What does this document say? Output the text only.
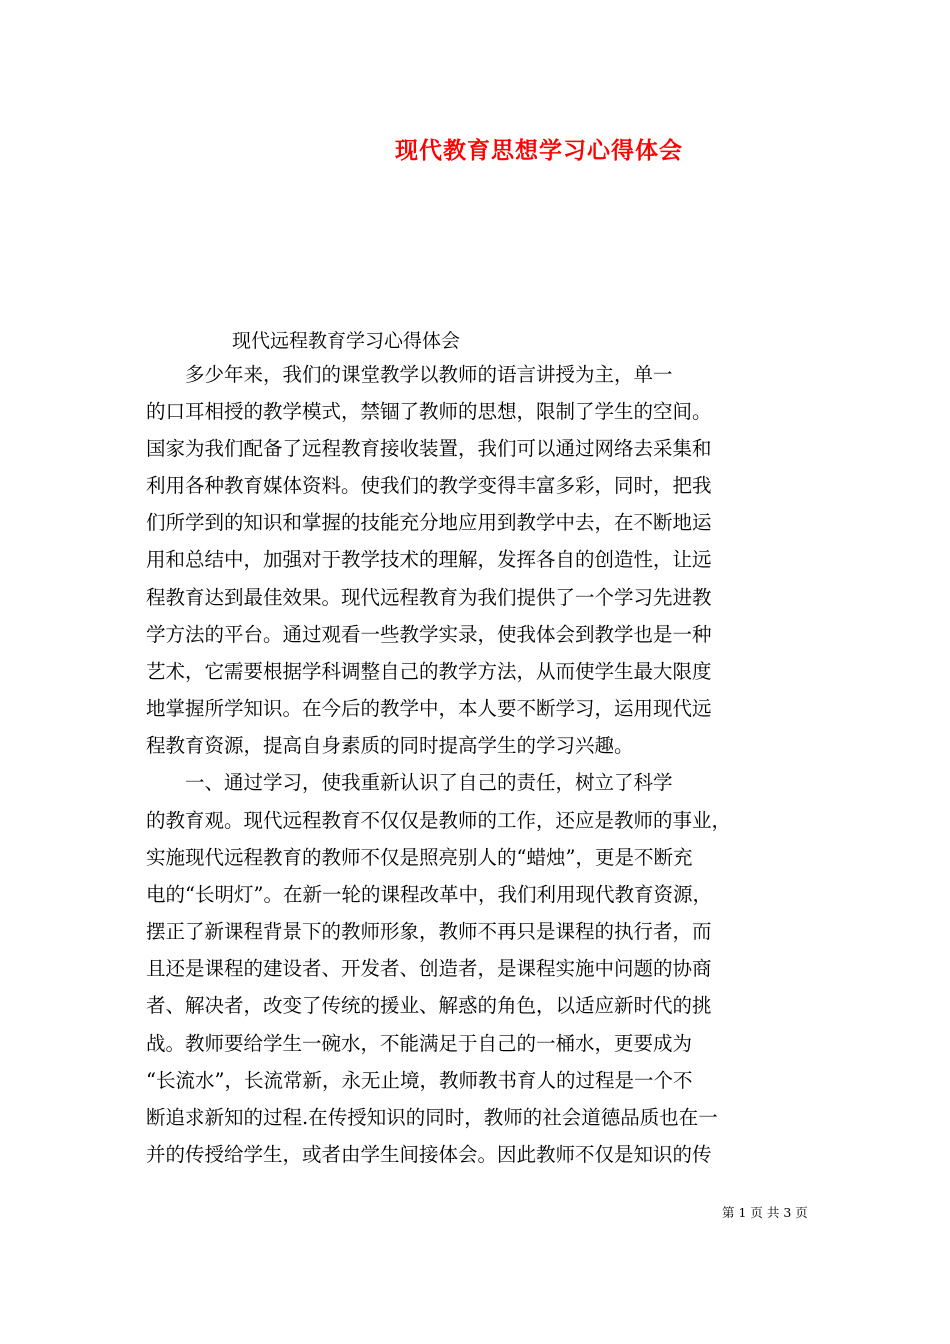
现代教育思想学习心得体会
现代远程教育学习心得体会
　　多少年来，我们的课堂教学以教师的语言讲授为主，单一
的口耳相授的教学模式，禁锢了教师的思想，限制了学生的空间。
国家为我们配备了远程教育接收装置，我们可以通过网络去采集和
利用各种教育媒体资料。使我们的教学变得丰富多彩，同时，把我
们所学到的知识和掌握的技能充分地应用到教学中去，在不断地运
用和总结中，加强对于教学技术的理解，发挥各自的创造性，让远
程教育达到最佳效果。现代远程教育为我们提供了一个学习先进教
学方法的平台。通过观看一些教学实录，使我体会到教学也是一种
艺术，它需要根据学科调整自己的教学方法，从而使学生最大限度
地掌握所学知识。在今后的教学中，本人要不断学习，运用现代远
程教育资源，提高自身素质的同时提高学生的学习兴趣。
　　一、通过学习，使我重新认识了自己的责任，树立了科学
的教育观。现代远程教育不仅仅是教师的工作，还应是教师的事业，
实施现代远程教育的教师不仅是照亮别人的“蜡烛”，更是不断充
电的“长明灯”。在新一轮的课程改革中，我们利用现代教育资源，
摆正了新课程背景下的教师形象，教师不再只是课程的执行者，而
且还是课程的建设者、开发者、创造者，是课程实施中问题的协商
者、解决者，改变了传统的援业、解惑的角色，以适应新时代的挑
战。教师要给学生一碗水，不能满足于自己的一桶水，更要成为
“长流水”，长流常新，永无止境，教师教书育人的过程是一个不
断追求新知的过程.在传授知识的同时，教师的社会道德品质也在一
并的传授给学生，或者由学生间接体会。因此教师不仅是知识的传
第 1 页 共 3 页
